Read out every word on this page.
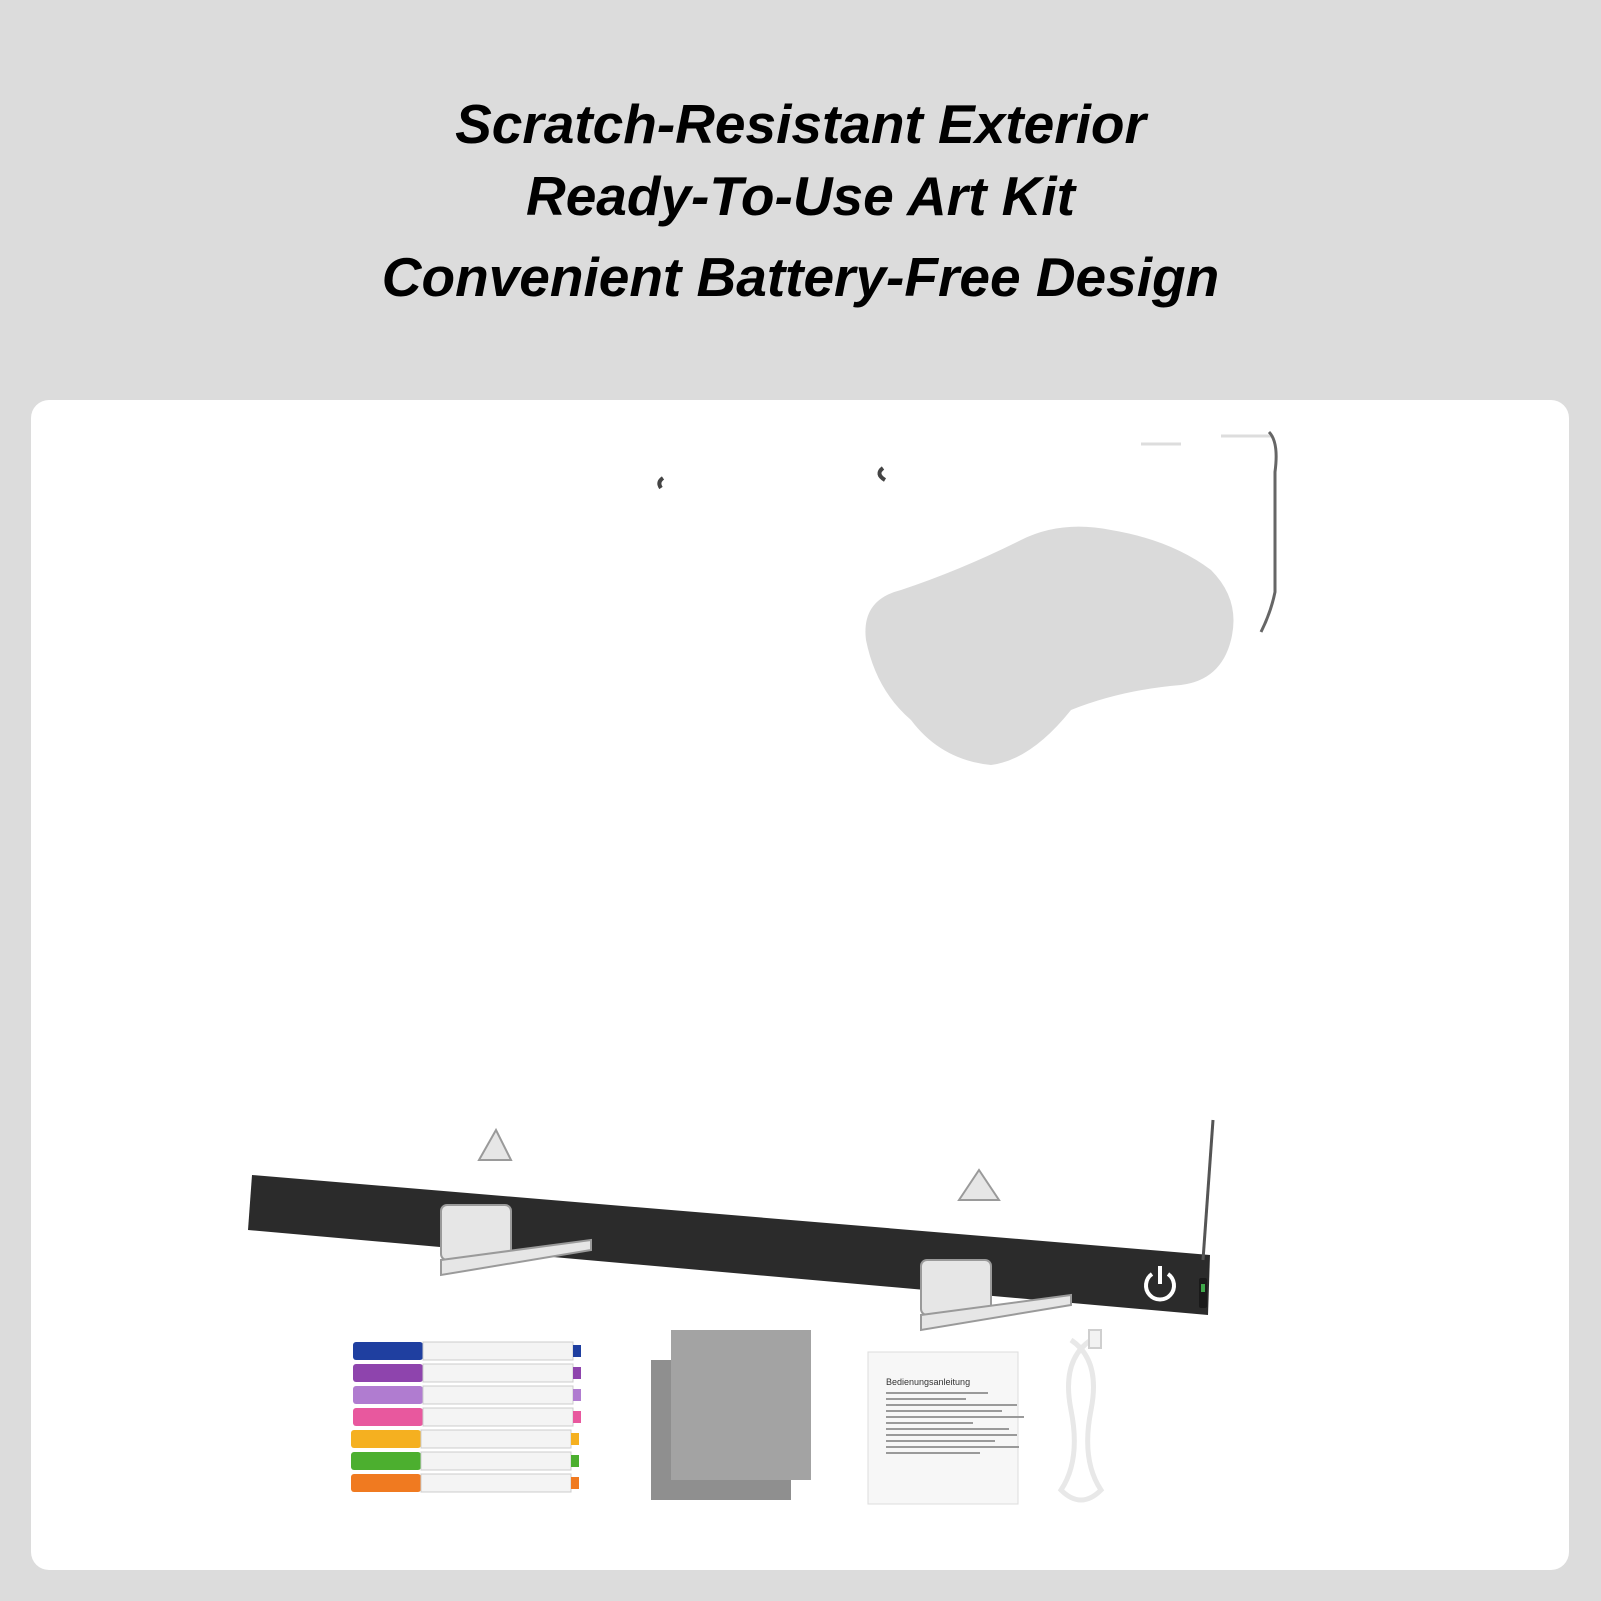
Scratch-Resistant Exterior
Ready-To-Use Art Kit
Convenient Battery-Free Design
Bedienungsanleitung
